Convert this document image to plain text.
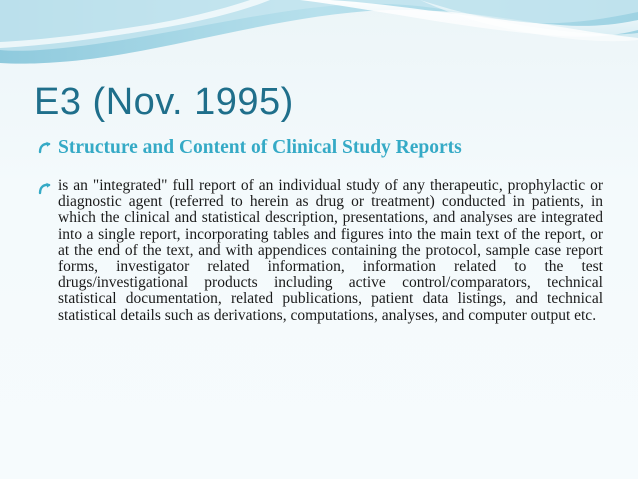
E3 (Nov. 1995)
Structure and Content of Clinical Study Reports
is an "integrated" full report of an individual study of any therapeutic, prophylactic or diagnostic agent (referred to herein as drug or treatment) conducted in patients, in which the clinical and statistical description, presentations, and analyses are integrated into a single report, incorporating tables and figures into the main text of the report, or at the end of the text, and with appendices containing the protocol, sample case report forms, investigator related information, information related to the test drugs/investigational products including active control/comparators, technical statistical documentation, related publications, patient data listings, and technical statistical details such as derivations, computations, analyses, and computer output etc.
